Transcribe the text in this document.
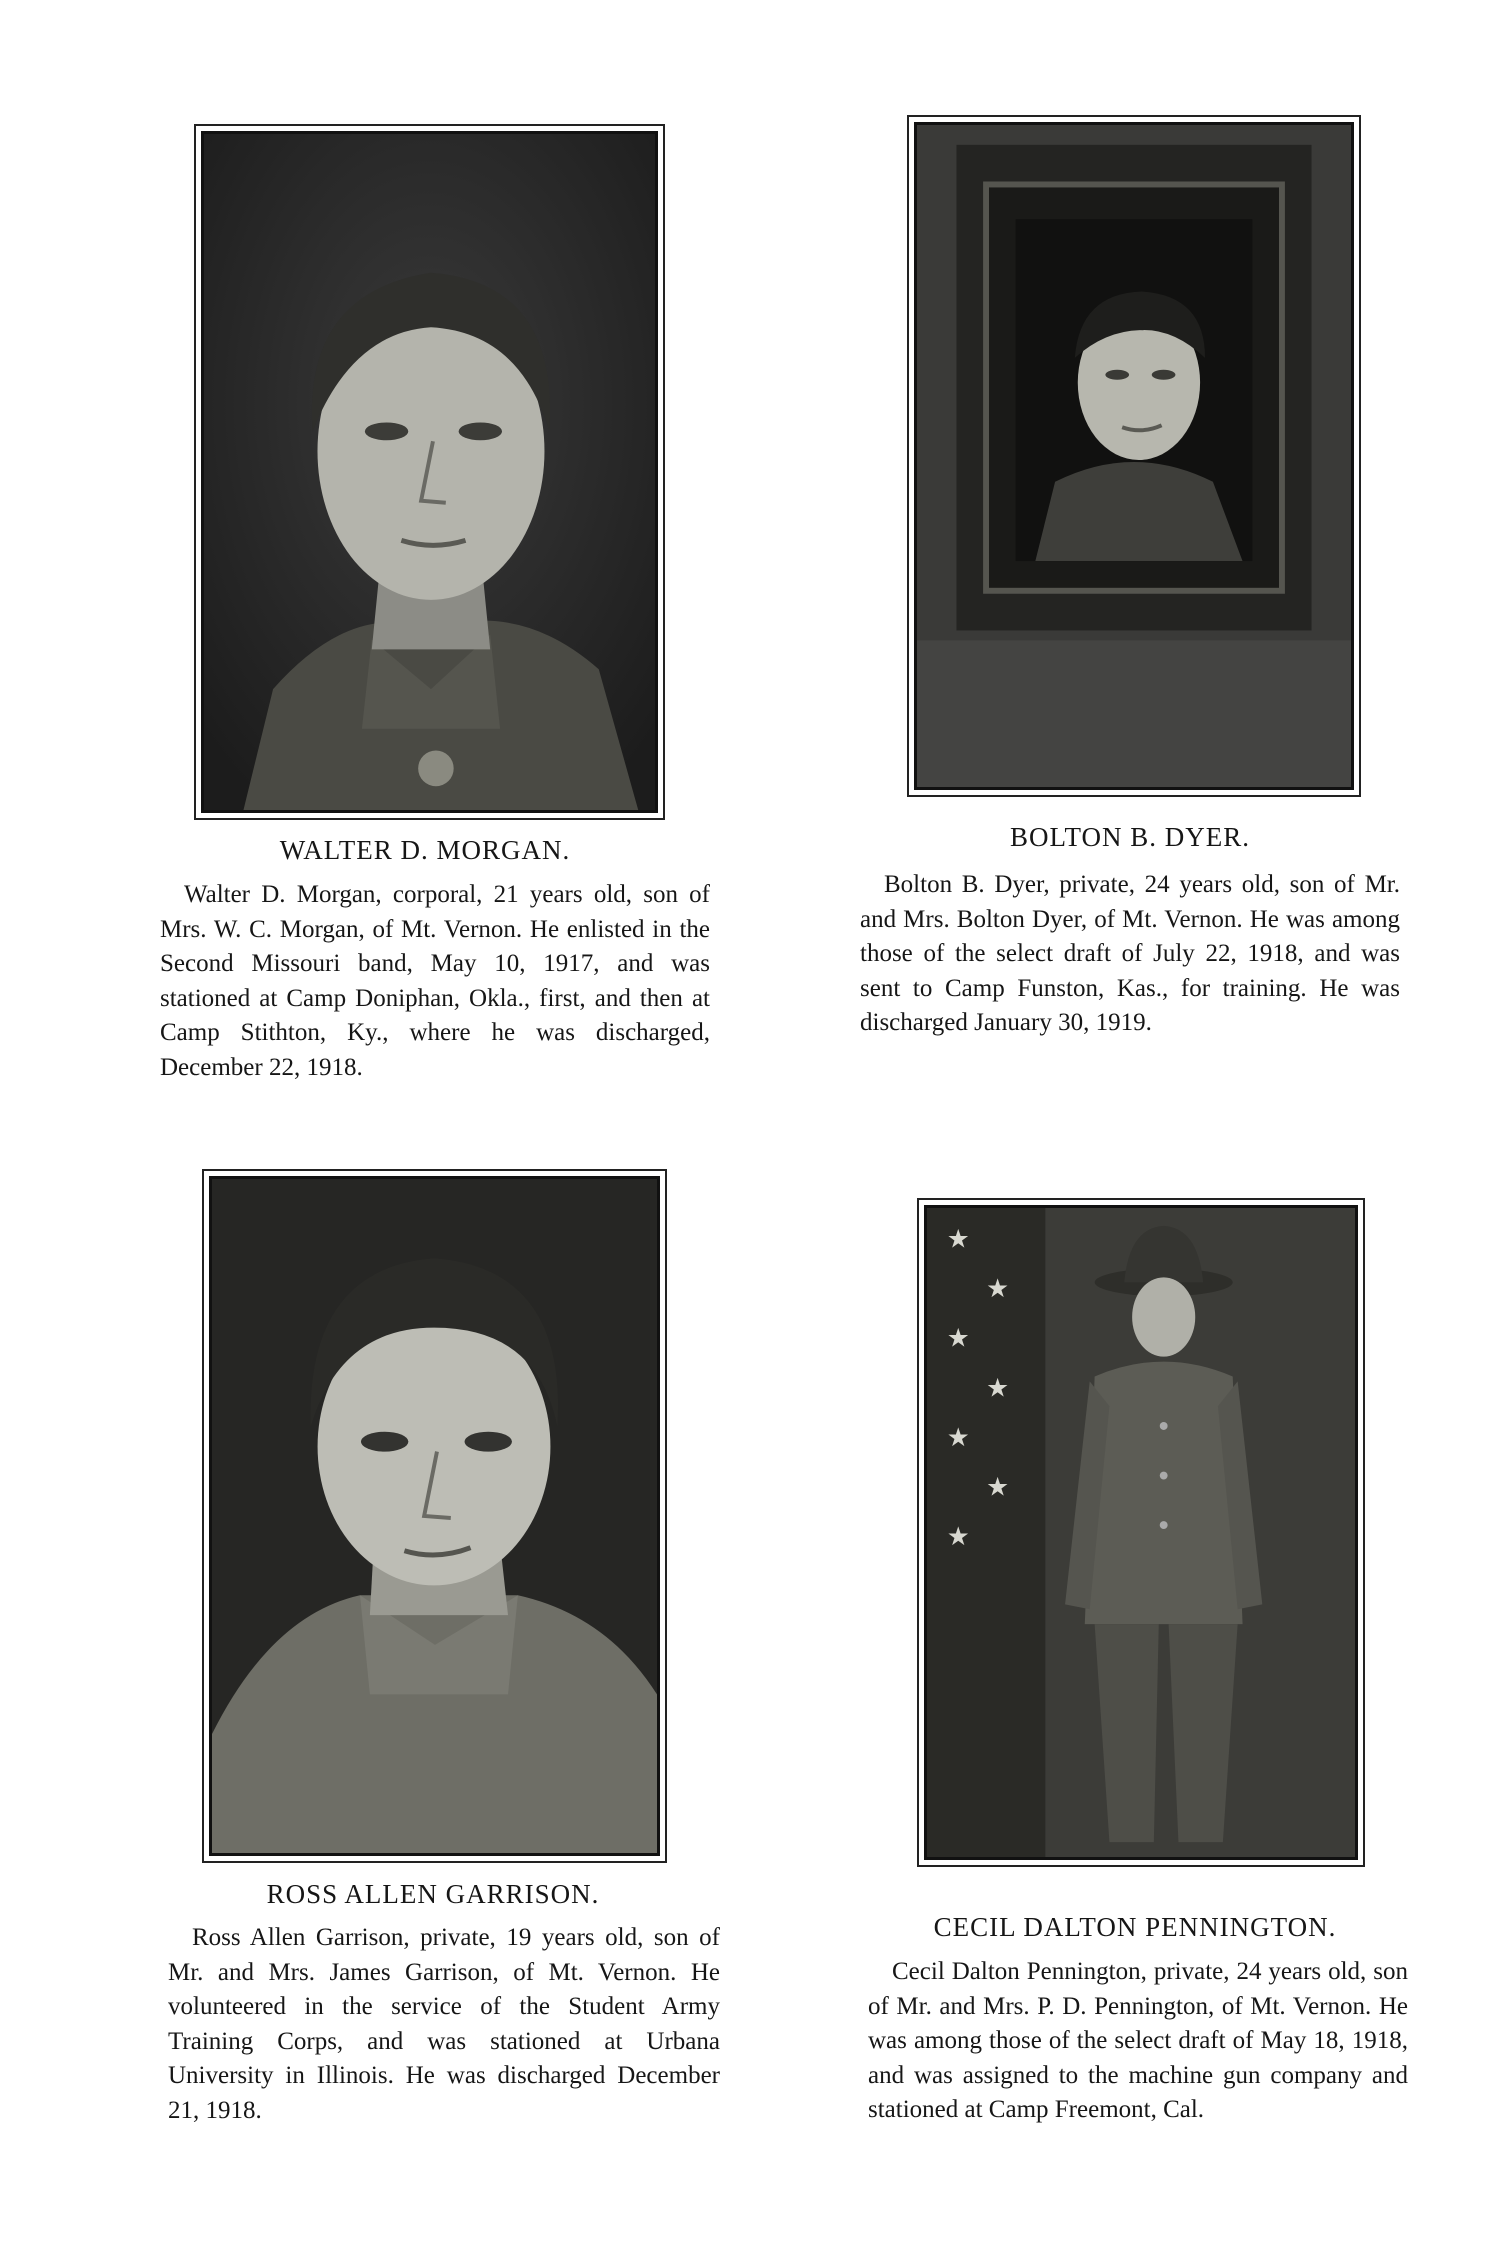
★
★
★
★
★
★
★
WALTER D. MORGAN.	BOLTON B. DYER.
ROSS ALLEN GARRISON.
CECIL DALTON PENNINGTON.

Walter D. Morgan, corporal, 21 years old, son of Mrs. W. C. Morgan, of Mt. Vernon. He enlisted in the Second Missouri band, May 10, 1917, and was stationed at Camp Doniphan, Okla., first, and then at Camp Stithton, Ky., where he was discharged, December 22, 1918.

Bolton B. Dyer, private, 24 years old, son of Mr. and Mrs. Bolton Dyer, of Mt. Vernon. He was among those of the select draft of July 22, 1918, and was sent to Camp Funston, Kas., for training. He was discharged January 30, 1919.

Ross Allen Garrison, private, 19 years old, son of Mr. and Mrs. James Garrison, of Mt. Vernon. He volunteered in the service of the Student Army Training Corps, and was stationed at Urbana University in Illinois. He was discharged December 21, 1918.

Cecil Dalton Pennington, private, 24 years old, son of Mr. and Mrs. P. D. Pennington, of Mt. Vernon. He was among those of the select draft of May 18, 1918, and was assigned to the machine gun company and stationed at Camp Freemont, Cal.
